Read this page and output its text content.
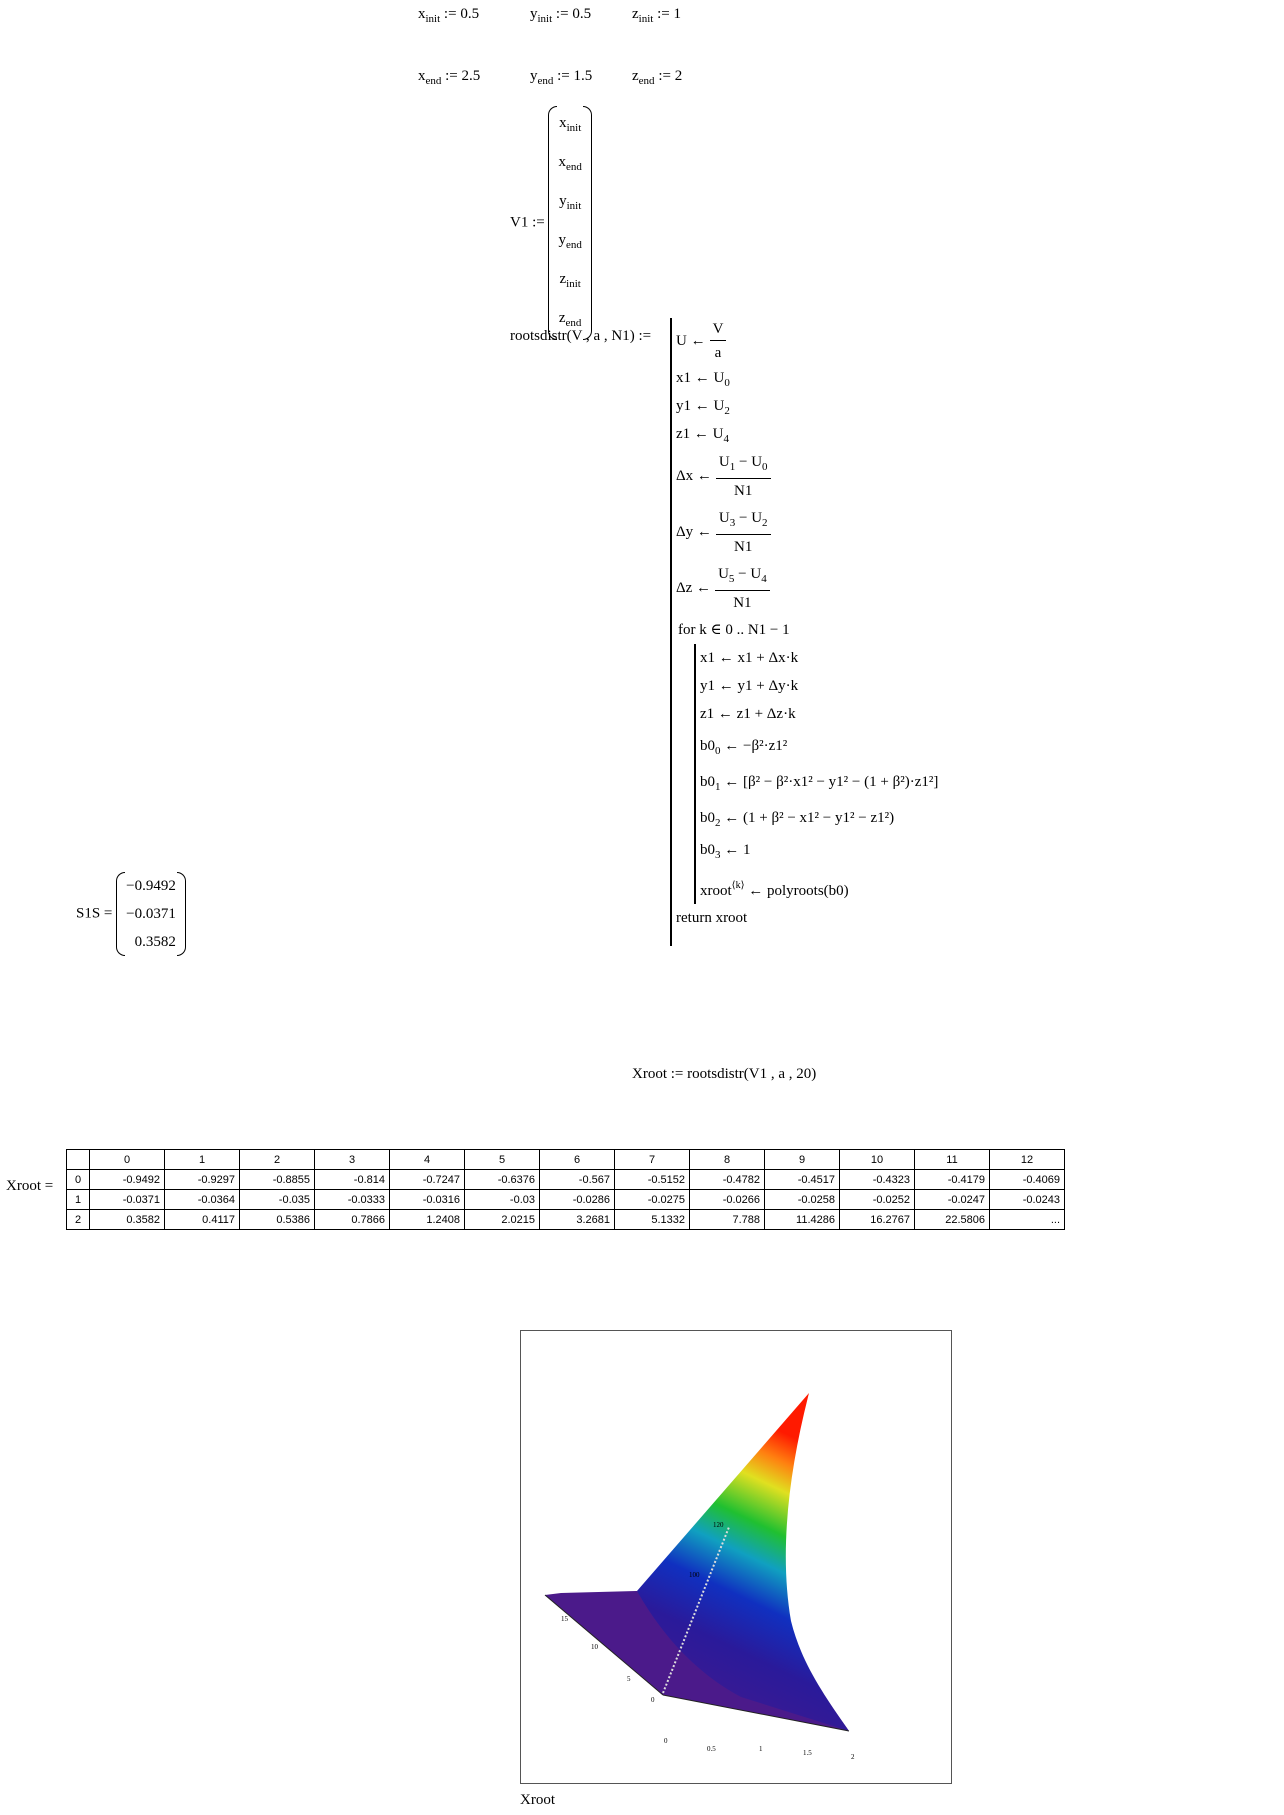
$x_{init}$ := 0.5	$y_{init}$ := 0.5	$z_{init}$ := 1
$x_{end}$ := 2.5	$y_{end}$ := 1.5	$z_{end}$ := 2
V1 :=
$x_{init}$
$x_{end}$
$y_{init}$
$y_{end}$
$z_{init}$
$z_{end}$
rootsdistr(V , a , N1) := U ← $\frac{V}{a}$
x1 ← $U_0$
y1 ← $U_2$
z1 ← $U_4$
Δx ← $\frac{U_1 - U_0}{N1}$
Δy ← $\frac{U_3 - U_2}{N1}$
Δz ← $\frac{U_5 - U_4}{N1}$
for k ∈ 0 .. N1 − 1
x1 ← x1 + Δx·k
y1 ← y1 + Δy·k
z1 ← z1 + Δz·k
$b0_0$ ← −β²·z1²
$b0_1$ ← [β² − β²·x1² − y1² − (1 + β²)·z1²]
$b0_2$ ← (1 + β² − x1² − y1² − z1²)
$b0_3$ ← 1
xroot$^{⟨k⟩}$ ← polyroots(b0)
return xroot
S1S =
−0.9492
−0.0371
0.3582
Xroot := rootsdistr(V1 , a , 20)
Xroot =
	0	1	2	3	4	5	6	7	8	9	10	11	12
0	-0.9492	-0.9297	-0.8855	-0.814	-0.7247	-0.6376	-0.567	-0.5152	-0.4782	-0.4517	-0.4323	-0.4179	-0.4069
1	-0.0371	-0.0364	-0.035	-0.0333	-0.0316	-0.03	-0.0286	-0.0275	-0.0266	-0.0258	-0.0252	-0.0247	-0.0243
2	0.3582	0.4117	0.5386	0.7866	1.2408	2.0215	3.2681	5.1332	7.788	11.4286	16.2767	22.5806	...
0
0.5	1	1.5	2
0
5
10
15
120
100
Xroot
